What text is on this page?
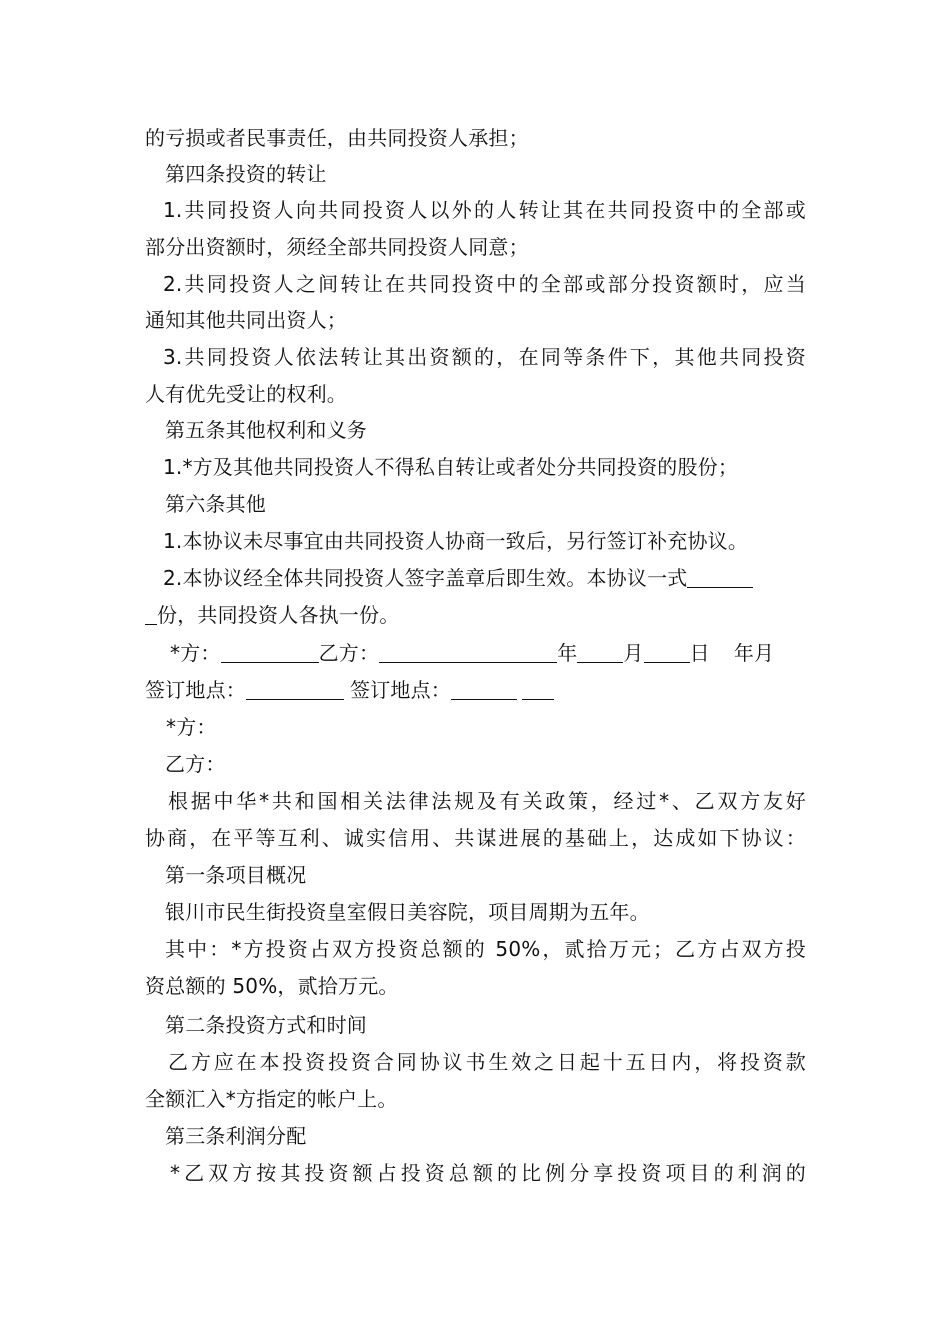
的亏损或者民事责任，由共同投资人承担；
第四条投资的转让
1.共同投资人向共同投资人以外的人转让其在共同投资中的全部或
部分出资额时，须经全部共同投资人同意；
2.共同投资人之间转让在共同投资中的全部或部分投资额时，应当
通知其他共同出资人；
3.共同投资人依法转让其出资额的，在同等条件下，其他共同投资
人有优先受让的权利。
第五条其他权利和义务
1.*方及其他共同投资人不得私自转让或者处分共同投资的股份；
第六条其他
1.本协议未尽事宜由共同投资人协商一致后，另行签订补充协议。
2.本协议经全体共同投资人签字盖章后即生效。本协议一式
份，共同投资人各执一份。
*方：	乙方：	年 月 日 年月
签订地点：	签订地点：
*方：
乙方：
根据中华*共和国相关法律法规及有关政策，经过*、乙双方友好
协商，在平等互利、诚实信用、共谋进展的基础上，达成如下协议：
第一条项目概况
银川市民生街投资皇室假日美容院，项目周期为五年。
其中：*方投资占双方投资总额的 50%，贰拾万元；乙方占双方投
资总额的 50%，贰拾万元。
第二条投资方式和时间
乙方应在本投资投资合同协议书生效之日起十五日内，将投资款
全额汇入*方指定的帐户上。
第三条利润分配
*乙双方按其投资额占投资总额的比例分享投资项目的利润的
